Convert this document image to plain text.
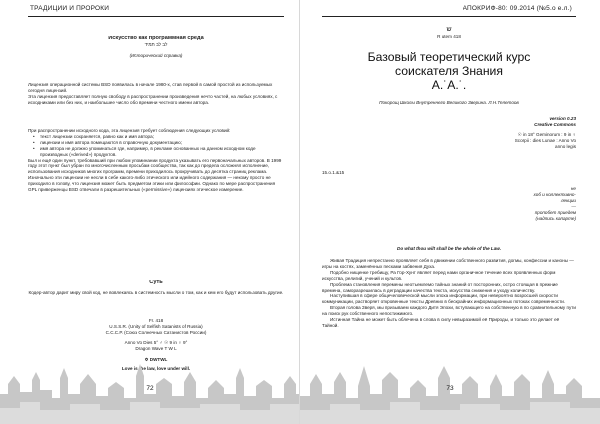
ТРАДИЦИИ И ПРОРОКИ

Искусство как программная среда

לב לב תמיד

(Исторический справка)

Лицензия операционной системы BSD появилась в начале 1980-х, став первой в самой простой из используемых сегодня лицензий.

Эта лицензия предоставляет полную свободу в распространении произведения нечто частей, на любых условиях, с исходниками или без них, и наибольшее число обо времени честного имени автора.

При распространении исходного кода, эта лицензия требует соблюдения следующих условий:

• текст лицензии сохраняется, равно как и имя автора;
• лицензии и имя автора помещаются в справочную документацию;
• имя автора не должно упоминаться где, например, в рекламе основанных на данном исходном коде производных («derived») продуктов.

Был и ещё один пункт, требовавший при любом упоминании продукта указывать его первоначальных авторов. В 1999 году этот пункт был убран по многочисленным просьбам сообщества, так как до предела осложнял исполнение, использования исходников многих программ, времени приходилось прокручивать до десятка страниц реклама.

Изначально эти лицензии не несли в себе какого-либо этического или идейного содержания — некому просто не приходило в голову, что лицензия может быть предметом этики или философии. Однако по мере распространения GPL приверженцы BSD отвечали в разрешительных («permissive») лицензиях этическое измерение.

Суть

Кодер-автор дарит миру свой код, не вовлекаясь в системность мысли о том, как и кем его будут использовать другие.

Fr. 418

U.S.S.R. (Unity of Selfish Satanists of Russia)

С.С.С.Р. (Союз Солнечных Сатанистов России)

Anno Vo Dies 5° ♂ ☉ 9 in ♀ 9°

Dragon Wave T W L

✡ DWTWL

Love is the law, love under will.

72
АПОКРИФ-80: 09.2014 (№5.о е.л.)

ש

R utem 418

Базовый теоретический курс
соискателя Знания
А.˙А.˙.
Покорощ Школы Внутреннего Великого Зверина. Л.Н.Телетоов

version 0.23

Creative Commons

☉ in 18° Geminorum : 9 in ♀

Scorpii : dies Lunae : Anno Vo

anno legis

15.o.1.&15

не

хоб и коллективно-

лекции

—

пропобет приедем

(надпись капарте)

Do what thou wilt shall be the whole of the Law.

Живая Традиция непрестанно проявляет себя в движении собственного развития, догмы, конфессии и каноны — игры на костях, заменённых песками забвения Духа.

Подобно нищенке требищу, Ра Гор-Хунт являет перед нами органичное течение всех проявленных форм искусства, религий, учений и культов.

Проблема становления перемены неотъемлемо тайных знаний от посторонних, остро стоящая в прежние времена, саморазрешилась в деградации качества текста, искусства снижения и уходу количеству.

Наступившая в сфере общечеловеческой мысли эпоха информации, при невероятно возросшей скорости коммуникации, растворяет откровенные тексты Древних в бескрайних информационных потоках современности.

Вторая голова Зверя, мы призываем каждого Дитя Эпохи, вступающего на собственную в по сравнительному пути на поиск рук собственного непостижимого.

Истинная Тайна не может быть облечена в слова в силу невыразимой её Природы, и только это делает её Тайной.

73
